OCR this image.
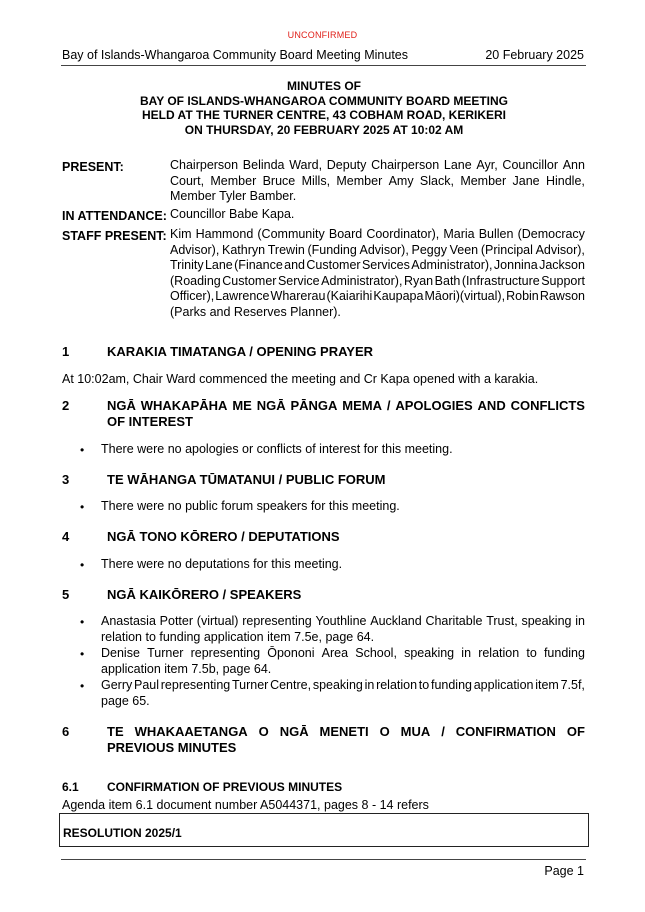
UNCONFIRMED
Bay of Islands-Whangaroa Community Board Meeting Minutes	20 February 2025
MINUTES OF
BAY OF ISLANDS-WHANGAROA COMMUNITY BOARD MEETING
HELD AT THE TURNER CENTRE, 43 COBHAM ROAD, KERIKERI
ON THURSDAY, 20 FEBRUARY 2025 AT 10:02 AM
PRESENT:	Chairperson Belinda Ward, Deputy Chairperson Lane Ayr, Councillor Ann
Court, Member Bruce Mills, Member Amy Slack, Member Jane Hindle,
Member Tyler Bamber.
IN ATTENDANCE: Councillor Babe Kapa.
STAFF PRESENT: Kim Hammond (Community Board Coordinator), Maria Bullen (Democracy
Advisor), Kathryn Trewin (Funding Advisor), Peggy Veen (Principal Advisor),
Trinity Lane (Finance and Customer Services Administrator), Jonnina Jackson
(Roading Customer Service Administrator), Ryan Bath (Infrastructure Support
Officer), Lawrence Wharerau (Kaiarihi Kaupapa Māori)(virtual), Robin Rawson
(Parks and Reserves Planner).
1	KARAKIA TIMATANGA / OPENING PRAYER
At 10:02am, Chair Ward commenced the meeting and Cr Kapa opened with a karakia.
2	NGĀ WHAKAPĀHA ME NGĀ PĀNGA MEMA / APOLOGIES AND CONFLICTS
OF INTEREST
• There were no apologies or conflicts of interest for this meeting.
3	TE WĀHANGA TŪMATANUI / PUBLIC FORUM
• There were no public forum speakers for this meeting.
4	NGĀ TONO KŌRERO / DEPUTATIONS
• There were no deputations for this meeting.
5	NGĀ KAIKŌRERO / SPEAKERS
• Anastasia Potter (virtual) representing Youthline Auckland Charitable Trust, speaking in
relation to funding application item 7.5e, page 64.
• Denise Turner representing Ōpononi Area School, speaking in relation to funding
application item 7.5b, page 64.
• Gerry Paul representing Turner Centre, speaking in relation to funding application item 7.5f,
page 65.
6	TE WHAKAAETANGA O NGĀ MENETI O MUA / CONFIRMATION OF
PREVIOUS MINUTES
6.1 CONFIRMATION OF PREVIOUS MINUTES
Agenda item 6.1 document number A5044371, pages 8 - 14 refers
RESOLUTION 2025/1
Page 1
